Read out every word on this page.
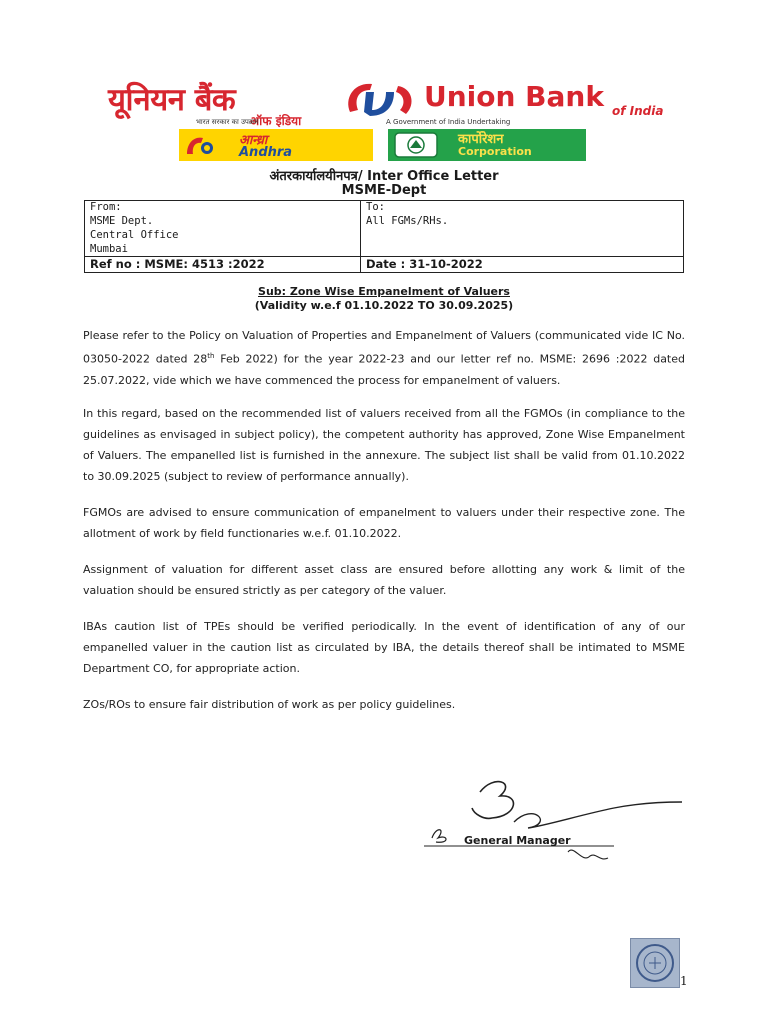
यूनियन बैंक
ऑफ इंडिया
भारत सरकार का उपक्रम
Union Bank of India
A Government of India Undertaking
आन्ध्रा
Andhra
कार्पोरेशन
Corporation
अंतरकार्यालयीनपत्र/ Inter Office Letter
MSME-Dept
From:
MSME Dept.
Central Office
Mumbai
To:
All FGMs/RHs.
Ref no : MSME: 4513 :2022	Date : 31-10-2022
Sub: Zone Wise Empanelment of Valuers
(Validity w.e.f 01.10.2022 TO 30.09.2025)

Please refer to the Policy on Valuation of Properties and Empanelment of Valuers (communicated vide IC No. 03050-2022 dated 28th Feb 2022) for the year 2022-23 and our letter ref no. MSME: 2696 :2022 dated 25.07.2022, vide which we have commenced the process for empanelment of valuers.

In this regard, based on the recommended list of valuers received from all the FGMOs (in compliance to the guidelines as envisaged in subject policy), the competent authority has approved, Zone Wise Empanelment of Valuers. The empanelled list is furnished in the annexure. The subject list shall be valid from 01.10.2022 to 30.09.2025 (subject to review of performance annually).

FGMOs are advised to ensure communication of empanelment to valuers under their respective zone. The allotment of work by field functionaries w.e.f. 01.10.2022.

Assignment of valuation for different asset class are ensured before allotting any work & limit of the valuation should be ensured strictly as per category of the valuer.

IBAs caution list of TPEs should be verified periodically. In the event of identification of any of our empanelled valuer in the caution list as circulated by IBA, the details thereof shall be intimated to MSME Department CO, for appropriate action.

ZOs/ROs to ensure fair distribution of work as per policy guidelines.

General Manager
1
